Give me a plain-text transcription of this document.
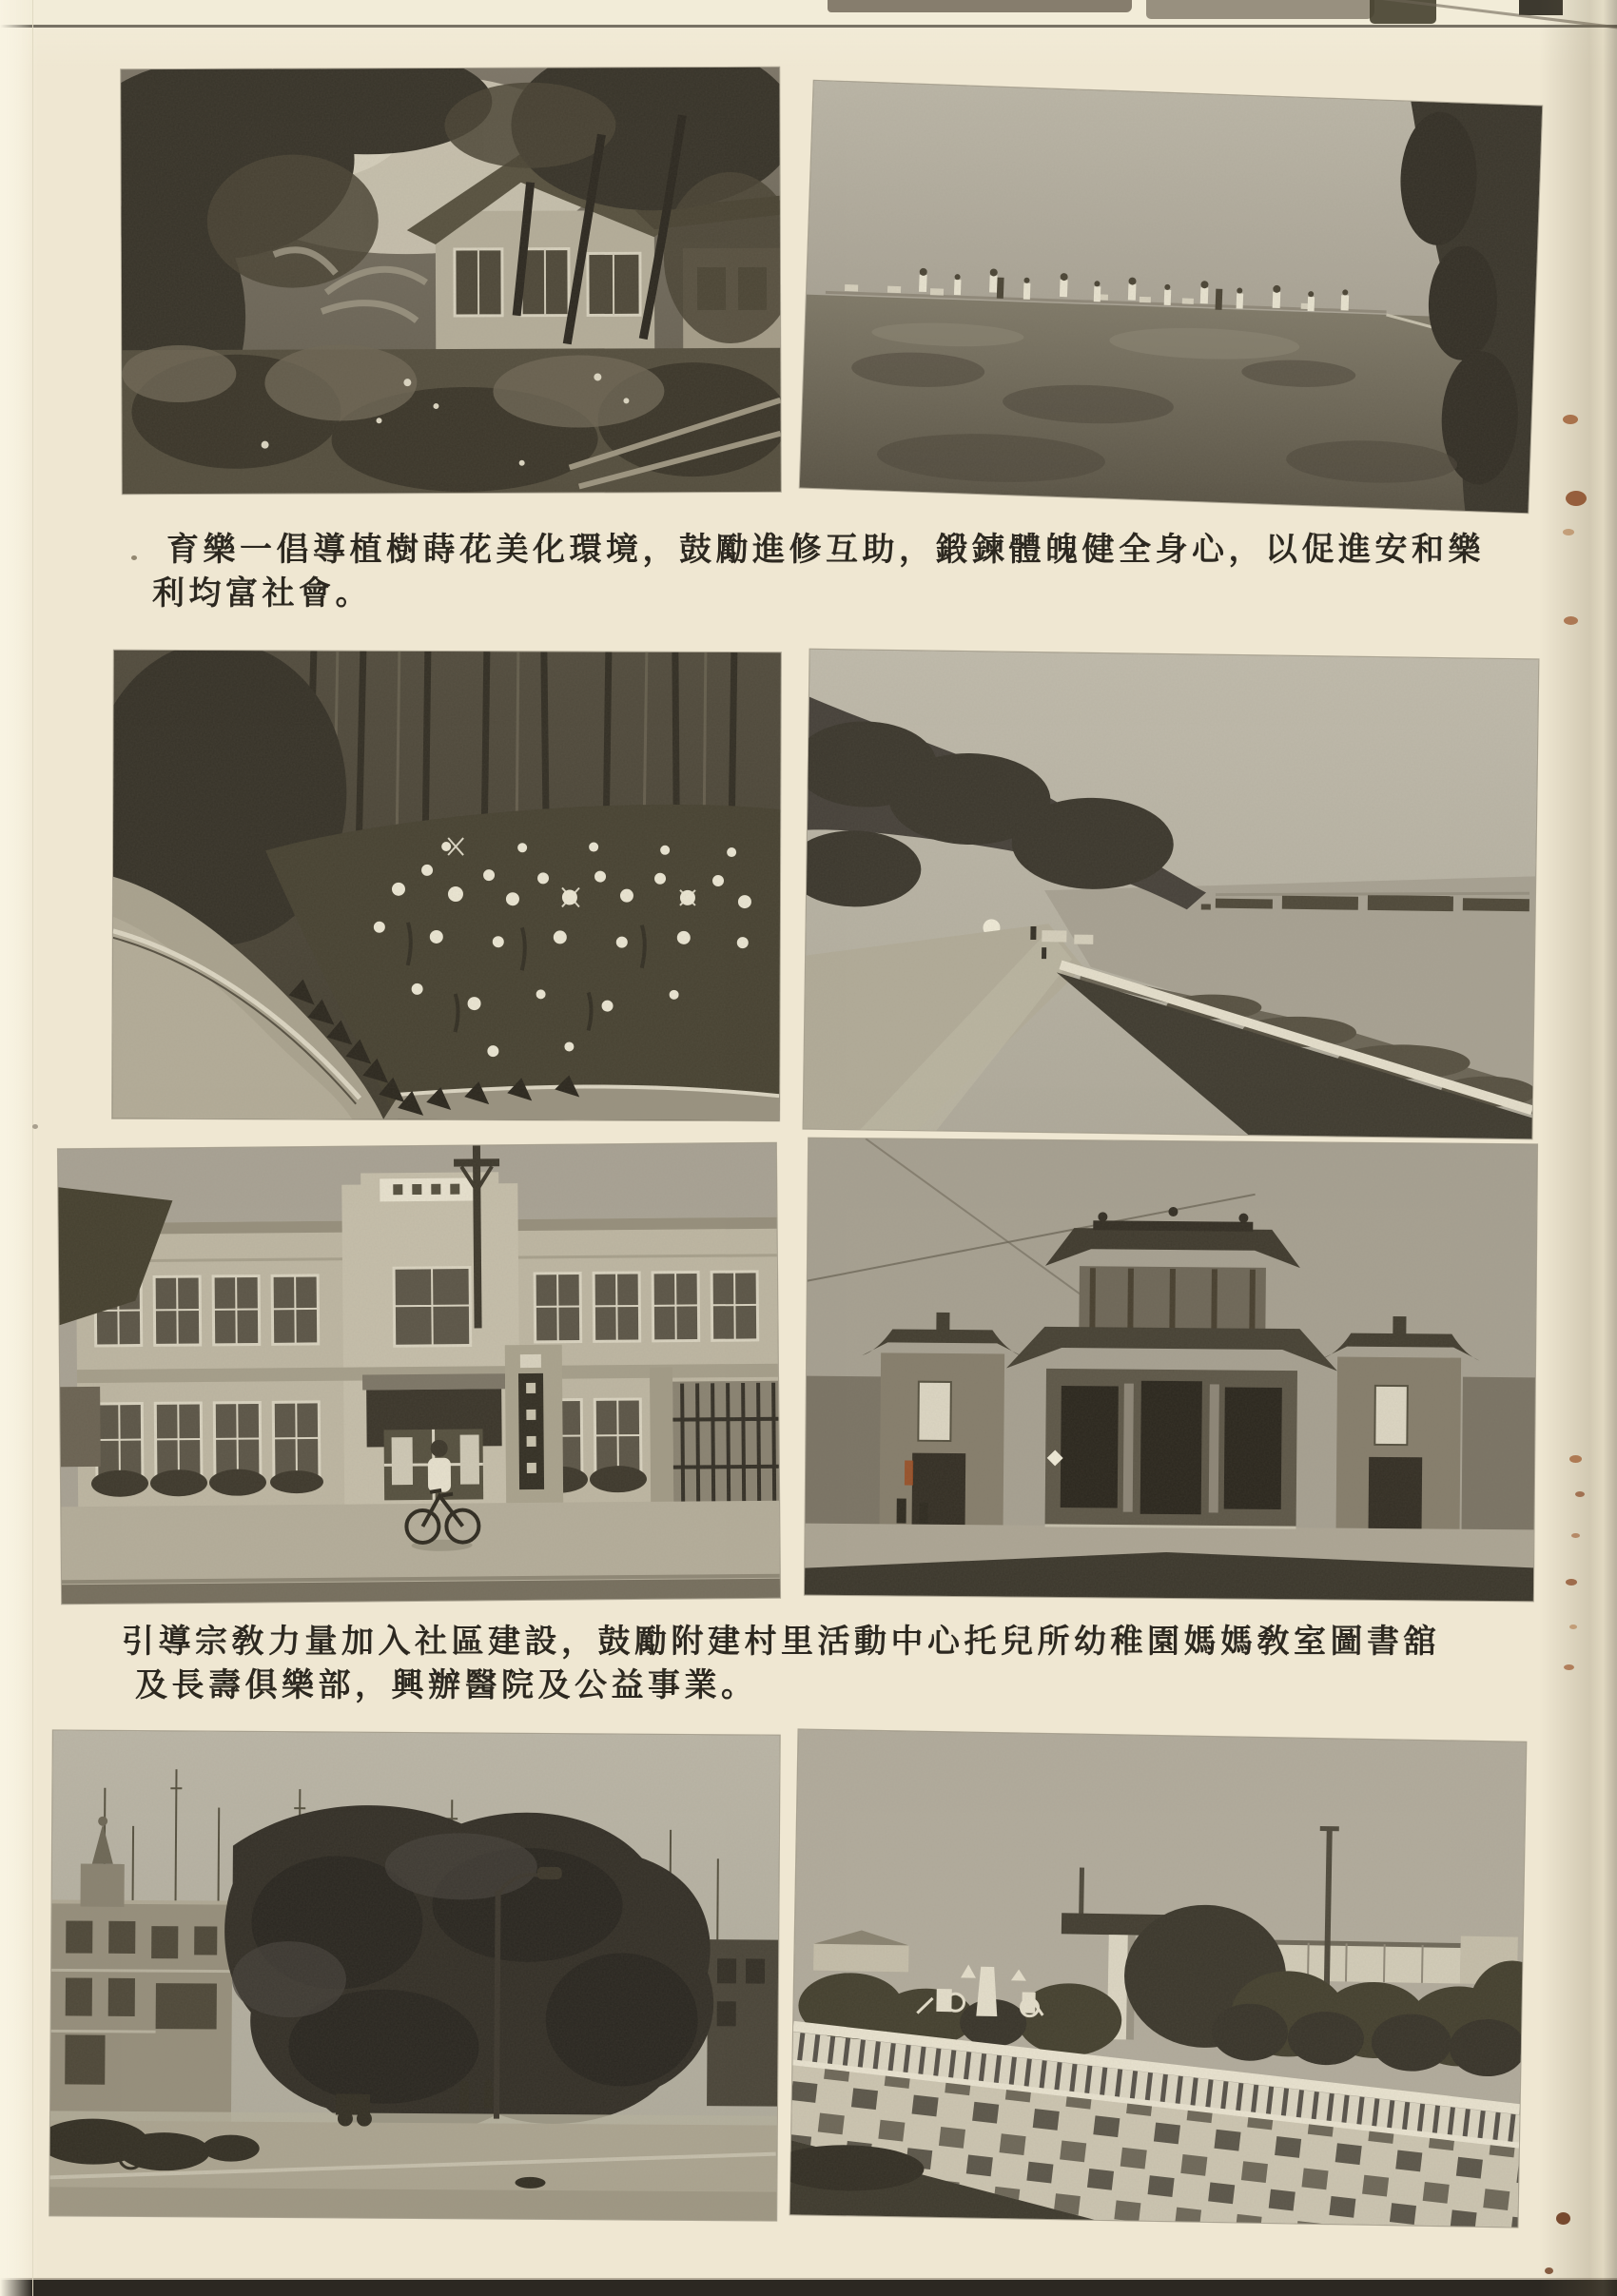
育樂一倡導植樹蒔花美化環境，鼓勵進修互助，鍛鍊體魄健全身心，以促進安和樂
利均富社會。
引導宗敎力量加入社區建設，鼓勵附建村里活動中心托兒所幼稚園媽媽敎室圖書舘
及長壽俱樂部，興辦醫院及公益事業。
